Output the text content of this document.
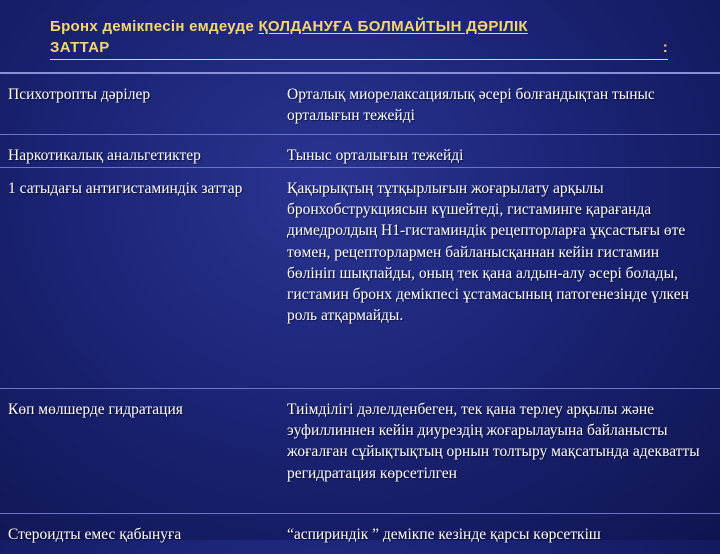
Бронх демікпесін емдеуде ҚОЛДАНУҒА БОЛМАЙТЫН ДӘРІЛІК
ЗАТТАР	:
Психотропты дәрілер	Орталық миорелаксациялық әсері болғандықтан тыныс орталығын тежейді
Наркотикалық анальгетиктер	Тыныс орталығын тежейді
1 сатыдағы антигистаминдік заттар	Қақырықтың тұтқырлығын жоғарылату арқылы бронхобструкциясын күшейтеді, гистаминге қарағанда димедролдың Н1-гистаминдік рецепторларға ұқсастығы өте төмен, рецепторлармен байланысқаннан кейін гистамин бөлініп шықпайды, оның тек қана алдын-алу әсері болады, гистамин бронх демікпесі ұстамасының патогенезінде үлкен роль атқармайды.
Көп мөлшерде гидратация	Тиімділігі дәлелденбеген, тек қана терлеу арқылы және эуфиллиннен кейін диурездің жоғарылауына байланысты жоғалған сұйықтықтың орнын толтыру мақсатында адекватты регидратация көрсетілген
Стероидты емес қабынуға	“аспириндік ” демікпе кезінде қарсы көрсеткіш
